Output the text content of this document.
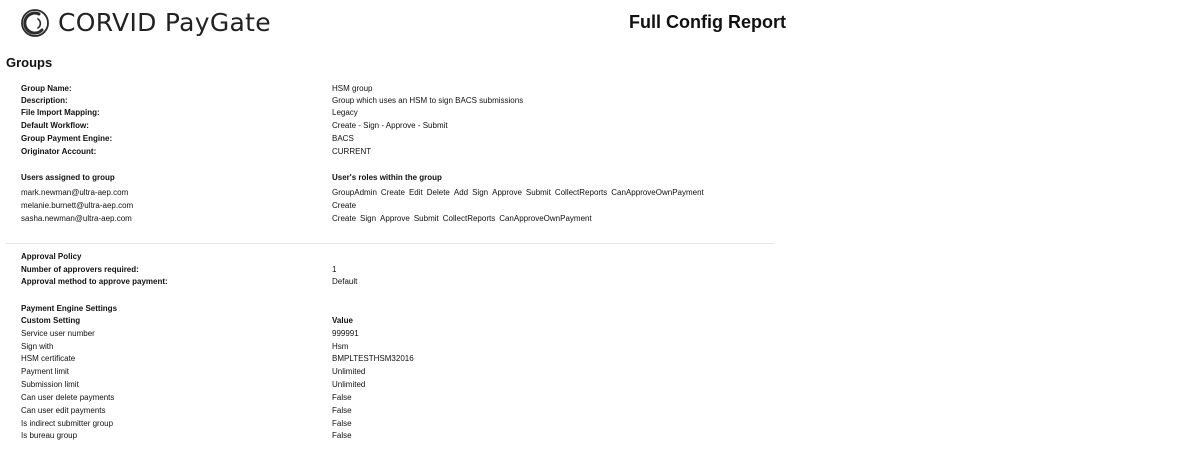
CORVID PayGate	Full Config Report
Groups
Group Name:	HSM group
Description:	Group which uses an HSM to sign BACS submissions
File Import Mapping:	Legacy
Default Workflow:	Create - Sign - Approve - Submit
Group Payment Engine:	BACS
Originator Account:	CURRENT
Users assigned to group	User's roles within the group
mark.newman@ultra-aep.com	GroupAdmin Create Edit Delete Add Sign Approve Submit CollectReports CanApproveOwnPayment
melanie.burnett@ultra-aep.com	Create
sasha.newman@ultra-aep.com	Create Sign Approve Submit CollectReports CanApproveOwnPayment
Approval Policy
Number of approvers required:	1
Approval method to approve payment:	Default
Payment Engine Settings
Custom Setting	Value
Service user number	999991
Sign with	Hsm
HSM certificate	BMPLTESTHSM32016
Payment limit	Unlimited
Submission limit	Unlimited
Can user delete payments	False
Can user edit payments	False
Is indirect submitter group	False
Is bureau group	False
